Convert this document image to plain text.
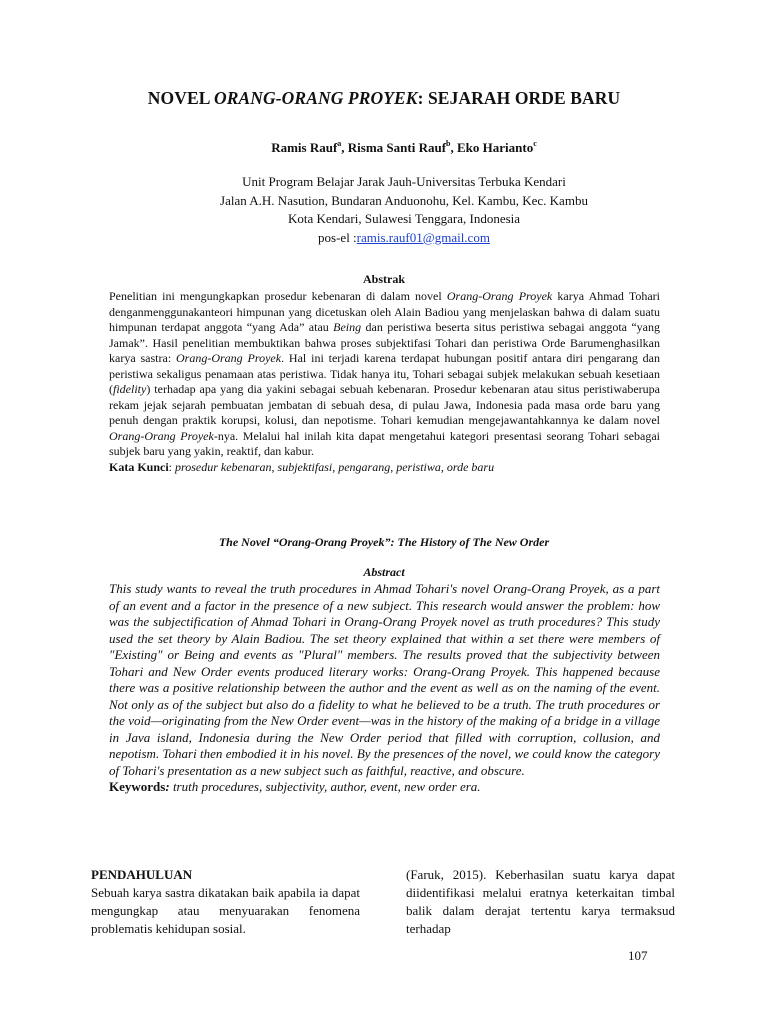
NOVEL ORANG-ORANG PROYEK: SEJARAH ORDE BARU
Ramis Rauf$^a$, Risma Santi Rauf$^b$, Eko Harianto$^c$
Unit Program Belajar Jarak Jauh-Universitas Terbuka Kendari
Jalan A.H. Nasution, Bundaran Anduonohu, Kel. Kambu, Kec. Kambu
Kota Kendari, Sulawesi Tenggara, Indonesia
pos-el :ramis.rauf01@gmail.com
Abstrak
Penelitian ini mengungkapkan prosedur kebenaran di dalam novel Orang-Orang Proyek karya Ahmad Tohari denganmenggunakanteori himpunan yang dicetuskan oleh Alain Badiou yang menjelaskan bahwa di dalam suatu himpunan terdapat anggota “yang Ada” atau Being dan peristiwa beserta situs peristiwa sebagai anggota “yang Jamak”. Hasil penelitian membuktikan bahwa proses subjektifasi Tohari dan peristiwa Orde Barumenghasilkan karya sastra: Orang-Orang Proyek. Hal ini terjadi karena terdapat hubungan positif antara diri pengarang dan peristiwa sekaligus penamaan atas peristiwa. Tidak hanya itu, Tohari sebagai subjek melakukan sebuah kesetiaan (fidelity) terhadap apa yang dia yakini sebagai sebuah kebenaran. Prosedur kebenaran atau situs peristiwaberupa rekam jejak sejarah pembuatan jembatan di sebuah desa, di pulau Jawa, Indonesia pada masa orde baru yang penuh dengan praktik korupsi, kolusi, dan nepotisme. Tohari kemudian mengejawantahkannya ke dalam novel Orang-Orang Proyek-nya. Melalui hal inilah kita dapat mengetahui kategori presentasi seorang Tohari sebagai subjek baru yang yakin, reaktif, dan kabur.
Kata Kunci: prosedur kebenaran, subjektifasi, pengarang, peristiwa, orde baru
The Novel “Orang-Orang Proyek”: The History of The New Order
Abstract
This study wants to reveal the truth procedures in Ahmad Tohari's novel Orang-Orang Proyek, as a part of an event and a factor in the presence of a new subject. This research would answer the problem: how was the subjectification of Ahmad Tohari in Orang-Orang Proyek novel as truth procedures? This study used the set theory by Alain Badiou. The set theory explained that within a set there were members of "Existing" or Being and events as "Plural" members. The results proved that the subjectivity between Tohari and New Order events produced literary works: Orang-Orang Proyek. This happened because there was a positive relationship between the author and the event as well as on the naming of the event. Not only as of the subject but also do a fidelity to what he believed to be a truth. The truth procedures or the void—originating from the New Order event—was in the history of the making of a bridge in a village in Java island, Indonesia during the New Order period that filled with corruption, collusion, and nepotism. Tohari then embodied it in his novel. By the presences of the novel, we could know the category of Tohari's presentation as a new subject such as faithful, reactive, and obscure.
Keywords: truth procedures, subjectivity, author, event, new order era.
PENDAHULUAN
Sebuah karya sastra dikatakan baik apabila ia dapat mengungkap atau menyuarakan fenomena problematis kehidupan sosial.
(Faruk, 2015). Keberhasilan suatu karya dapat diidentifikasi melalui eratnya keterkaitan timbal balik dalam derajat tertentu karya termaksud terhadap
107
